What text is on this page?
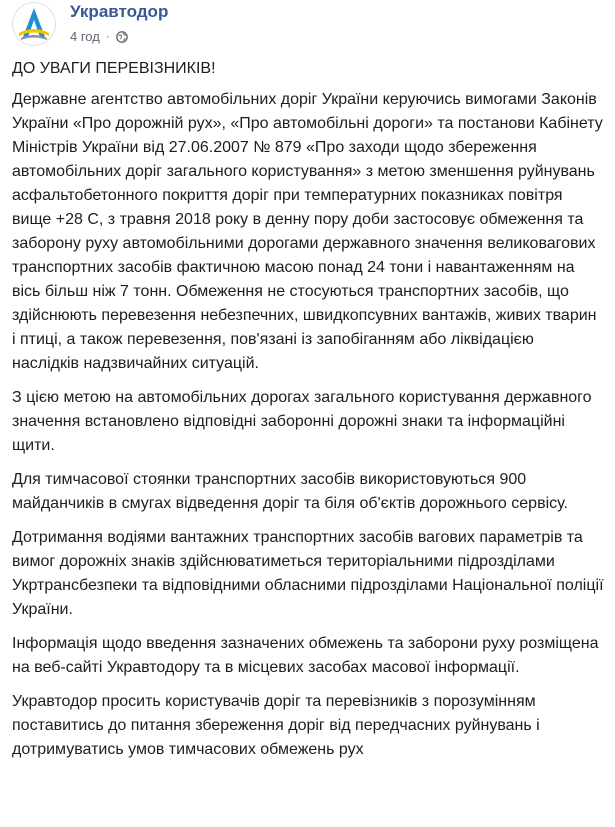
Укравтодор
4 год ·

ДО УВАГИ ПЕРЕВІЗНИКІВ!

Державне агентство автомобільних доріг України керуючись вимогами Законів України «Про дорожній рух», «Про автомобільні дороги» та постанови Кабінету Міністрів України від 27.06.2007 № 879 «Про заходи щодо збереження автомобільних доріг загального користування» з метою зменшення руйнувань асфальтобетонного покриття доріг при температурних показниках повітря вище +28 С, з травня 2018 року в денну пору доби застосовує обмеження та заборону руху автомобільними дорогами державного значення великовагових транспортних засобів фактичною масою понад 24 тони і навантаженням на вісь більш ніж 7 тонн. Обмеження не стосуються транспортних засобів, що здійснюють перевезення небезпечних, швидкопсувних вантажів, живих тварин і птиці, а також перевезення, пов'язані із запобіганням або ліквідацією наслідків надзвичайних ситуацій.

З цією метою на автомобільних дорогах загального користування державного значення встановлено відповідні заборонні дорожні знаки та інформаційні щити.

Для тимчасової стоянки транспортних засобів використовуються 900 майданчиків в смугах відведення доріг та біля об'єктів дорожнього сервісу.

Дотримання водіями вантажних транспортних засобів вагових параметрів та вимог дорожніх знаків здійснюватиметься територіальними підрозділами Укртрансбезпеки та відповідними обласними підрозділами Національної поліції України.

Інформація щодо введення зазначених обмежень та заборони руху розміщена на веб-сайті Укравтодору та в місцевих засобах масової інформації.

Укравтодор просить користувачів доріг та перевізників з порозумінням поставитись до питання збереження доріг від передчасних руйнувань і дотримуватись умов тимчасових обмежень рух
